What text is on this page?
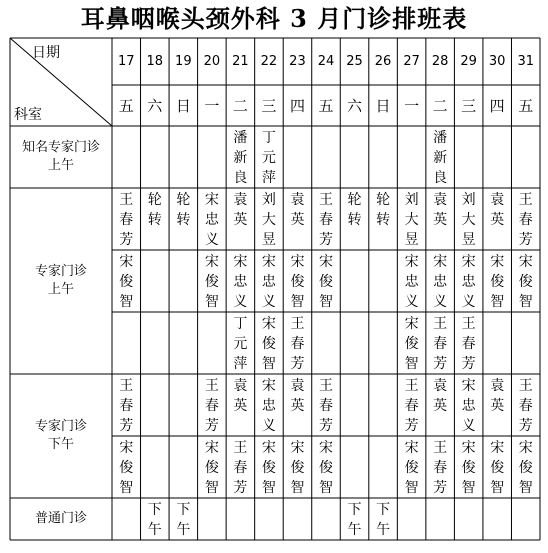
耳鼻咽喉头颈外科 3 月门诊排班表
日期
科室
17 18 19 20 21 22 23 24 25 26 27 28 29 30 31
五 六 日 一 二 三 四 五 六 日 一 二 三 四 五
知名专家门诊
上午
潘
新
良
丁
元
萍
潘
新
良
专家门诊
上午
王
春
芳
轮
转
轮
转
宋
忠
义
袁
英
刘
大
昱
袁
英
王
春
芳
轮
转
轮
转
刘
大
昱
袁
英
刘
大
昱
袁
英
王
春
芳
宋
俊
智
宋
俊
智
宋
忠
义
宋
忠
义
宋
俊
智
宋
俊
智
宋
忠
义
宋
忠
义
宋
忠
义
宋
俊
智
宋
俊
智
丁
元
萍
宋
俊
智
王
春
芳
宋
俊
智
王
春
芳
王
春
芳
专家门诊
下午
王
春
芳
王
春
芳
袁
英
宋
忠
义
袁
英
王
春
芳
王
春
芳
袁
英
宋
忠
义
袁
英
王
春
芳
宋
俊
智
宋
俊
智
王
春
芳
宋
俊
智
宋
俊
智
宋
俊
智
宋
俊
智
王
春
芳
宋
俊
智
宋
俊
智
宋
俊
智
普通门诊
下
午
下
午
下
午
下
午
